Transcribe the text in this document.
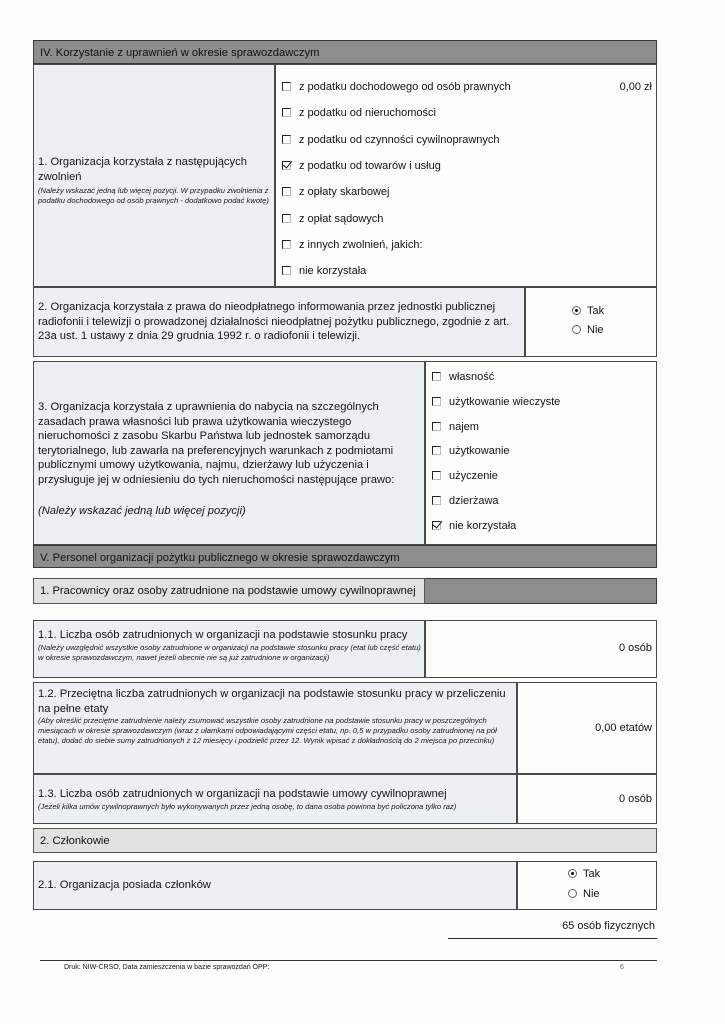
IV. Korzystanie z uprawnień w okresie sprawozdawczym
1. Organizacja korzystała z następujących zwolnień
(Należy wskazać jedną lub więcej pozycji. W przypadku zwolnienia z podatku dochodowego od osób prawnych - dodatkowo podać kwotę)
z podatku dochodowego od osób prawnych
z podatku od nieruchomości
z podatku od czynności cywilnoprawnych
z podatku od towarów i usług
z opłaty skarbowej
z opłat sądowych
z innych zwolnień, jakich:
nie korzystała
0,00 zł
2. Organizacja korzystała z prawa do nieodpłatnego informowania przez jednostki publicznej radiofonii i telewizji o prowadzonej działalności nieodpłatnej pożytku publicznego, zgodnie z art. 23a ust. 1 ustawy z dnia 29 grudnia 1992 r. o radiofonii i telewizji.
Tak
Nie
3. Organizacja korzystała z uprawnienia do nabycia na szczególnych zasadach prawa własności lub prawa użytkowania wieczystego nieruchomości z zasobu Skarbu Państwa lub jednostek samorządu terytorialnego, lub zawarła na preferencyjnych warunkach z podmiotami publicznymi umowy użytkowania, najmu, dzierżawy lub użyczenia i przysługuje jej w odniesieniu do tych nieruchomości następujące prawo:
(Należy wskazać jedną lub więcej pozycji)
własność
użytkowanie wieczyste
najem
użytkowanie
użyczenie
dzierżawa
nie korzystała
V. Personel organizacji pożytku publicznego w okresie sprawozdawczym
1. Pracownicy oraz osoby zatrudnione na podstawie umowy cywilnoprawnej
1.1. Liczba osób zatrudnionych w organizacji na podstawie stosunku pracy
(Należy uwzględnić wszystkie osoby zatrudnione w organizacji na podstawie stosunku pracy (etat lub część etatu) w okresie sprawozdawczym, nawet jeżeli obecnie nie są już zatrudnione w organizacji)
0 osób
1.2. Przeciętna liczba zatrudnionych w organizacji na podstawie stosunku pracy w przeliczeniu na pełne etaty
(Aby określić przeciętne zatrudnienie należy zsumować wszystkie osoby zatrudnione na podstawie stosunku pracy w poszczególnych miesiącach w okresie sprawozdawczym (wraz z ułamkami odpowiadającymi części etatu, np. 0,5 w przypadku osoby zatrudnionej na pół etatu), dodać do siebie sumy zatrudnionych z 12 miesięcy i podzielić przez 12. Wynik wpisać z dokładnością do 2 miejsca po przecinku)
0,00 etatów
1.3. Liczba osób zatrudnionych w organizacji na podstawie umowy cywilnoprawnej
(Jeżeli kilka umów cywilnoprawnych było wykonywanych przez jedną osobę, to dana osoba powinna być policzona tylko raz)
0 osób
2. Członkowie
2.1. Organizacja posiada członków
Tak
Nie
65 osób fizycznych
Druk: NIW-CRSO, Data zamieszczenia w bazie sprawozdań OPP:	6
